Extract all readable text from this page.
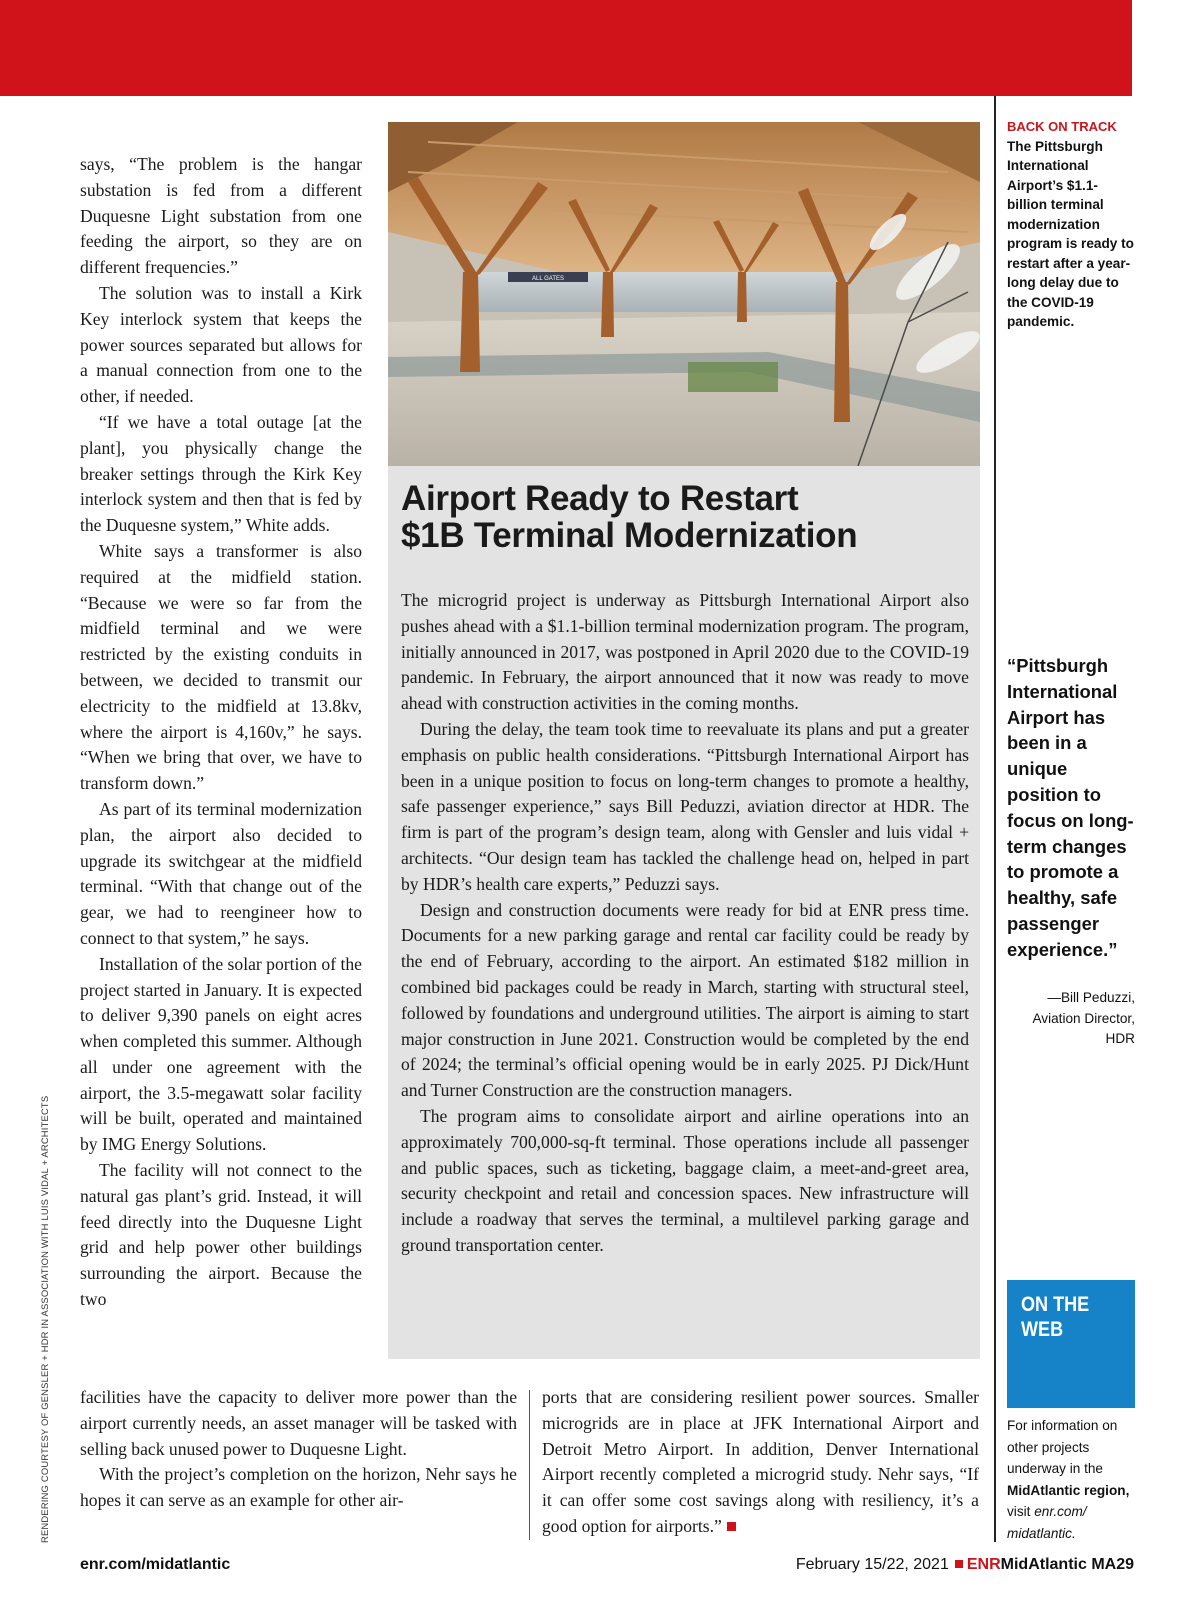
RENDERING COURTESY OF GENSLER + HDR IN ASSOCIATION WITH LUIS VIDAL + ARCHITECTS

says, “The problem is the hangar substation is fed from a different Duquesne Light substation from one feeding the airport, so they are on different frequencies.”

The solution was to install a Kirk Key interlock system that keeps the power sources separated but allows for a manual connection from one to the other, if needed.

“If we have a total outage [at the plant], you physically change the breaker settings through the Kirk Key interlock system and then that is fed by the Duquesne system,” White adds.

White says a transformer is also required at the midfield station. “Because we were so far from the midfield terminal and we were restricted by the existing conduits in between, we decided to transmit our electricity to the midfield at 13.8kv, where the airport is 4,160v,” he says. “When we bring that over, we have to transform down.”

As part of its terminal modernization plan, the airport also decided to upgrade its switchgear at the midfield terminal. “With that change out of the gear, we had to reengineer how to connect to that system,” he says.

Installation of the solar portion of the project started in January. It is expected to deliver 9,390 panels on eight acres when completed this summer. Although all under one agreement with the airport, the 3.5-megawatt solar facility will be built, operated and maintained by IMG Energy Solutions.

The facility will not connect to the natural gas plant’s grid. Instead, it will feed directly into the Duquesne Light grid and help power other buildings surrounding the airport. Because the two

ALL GATES
Airport Ready to Restart
$1B Terminal Modernization

The microgrid project is underway as Pittsburgh International Airport also pushes ahead with a $1.1-billion terminal modernization program. The program, initially announced in 2017, was postponed in April 2020 due to the COVID-19 pandemic. In February, the airport announced that it now was ready to move ahead with construction activities in the coming months.

During the delay, the team took time to reevaluate its plans and put a greater emphasis on public health considerations. “Pittsburgh International Airport has been in a unique position to focus on long-term changes to promote a healthy, safe passenger experience,” says Bill Peduzzi, aviation director at HDR. The firm is part of the program’s design team, along with Gensler and luis vidal + architects. “Our design team has tackled the challenge head on, helped in part by HDR’s health care experts,” Peduzzi says.

Design and construction documents were ready for bid at ENR press time. Documents for a new parking garage and rental car facility could be ready by the end of February, according to the airport. An estimated $182 million in combined bid packages could be ready in March, starting with structural steel, followed by foundations and underground utilities. The airport is aiming to start major construction in June 2021. Construction would be completed by the end of 2024; the terminal’s official opening would be in early 2025. PJ Dick/Hunt and Turner Construction are the construction managers.

The program aims to consolidate airport and airline operations into an approximately 700,000-sq-ft terminal. Those operations include all passenger and public spaces, such as ticketing, baggage claim, a meet-and-greet area, security checkpoint and retail and concession spaces. New infrastructure will include a roadway that serves the terminal, a multilevel parking garage and ground transportation center.

facilities have the capacity to deliver more power than the airport currently needs, an asset manager will be tasked with selling back unused power to Duquesne Light.

With the project’s completion on the horizon, Nehr says he hopes it can serve as an example for other air-

ports that are considering resilient power sources. Smaller microgrids are in place at JFK International Airport and Detroit Metro Airport. In addition, Denver International Airport recently completed a microgrid study. Nehr says, “If it can offer some cost savings along with resiliency, it’s a good option for airports.”

BACK ON TRACK
The Pittsburgh International Airport’s $1.1-billion terminal modernization program is ready to restart after a year-long delay due to the COVID-19 pandemic.
“Pittsburgh International Airport has been in a unique position to focus on long-term changes to promote a healthy, safe passenger experience.”
—Bill Peduzzi,
Aviation Director,
HDR
ON THE
WEB
For information on other projects underway in the MidAtlantic region, visit enr.com/ midatlantic.
enr.com/midatlantic	February 15/22, 2021 ENRMidAtlantic MA29
